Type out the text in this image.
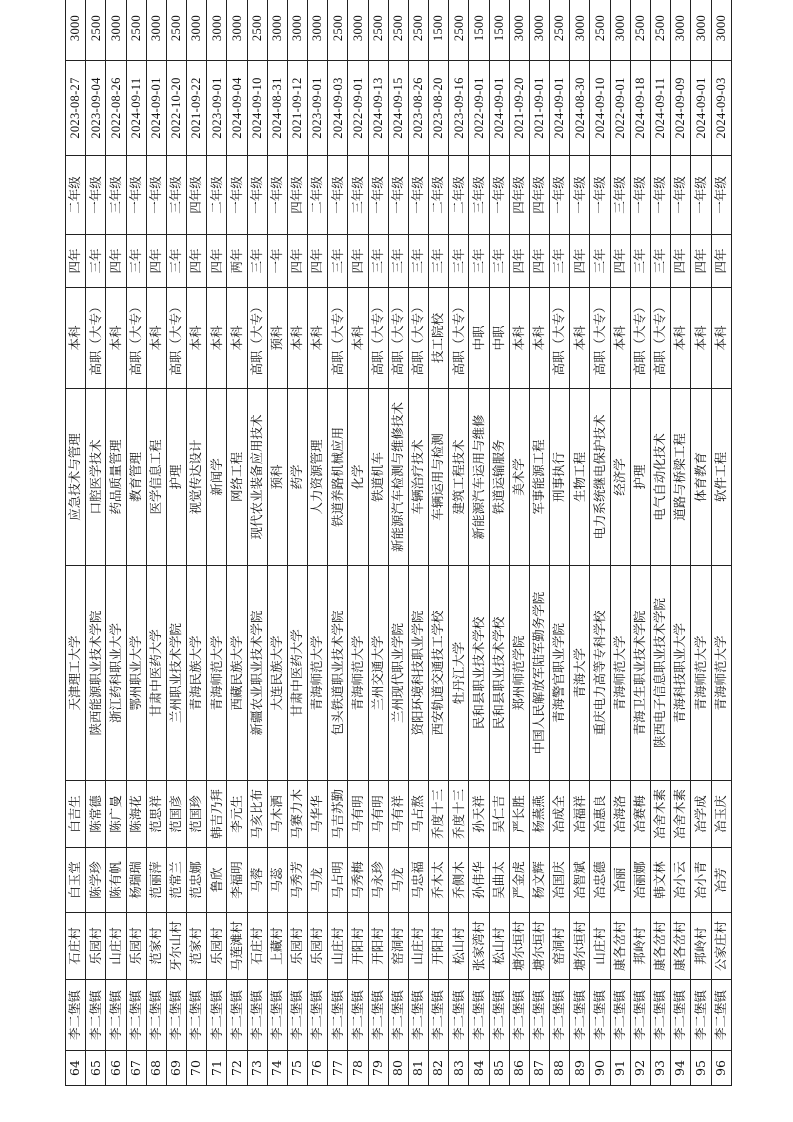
64	李二堡镇	石庄村	白玉堂	白吉生	天津理工大学	应急技术与管理	本科	四年	二年级	2023-08-27	3000
65	李二堡镇	乐园村	陈学珍	陈常德	陕西能源职业技术学院	口腔医学技术	高职（大专）	三年	一年级	2023-09-04	2500
66	李二堡镇	山庄村	陈有帆	陈广曼	浙江药科职业大学	药品质量管理	本科	四年	三年级	2022-08-26	3000
67	李二堡镇	乐园村	杨瑞瑞	陈海花	鄂州职业大学	教育管理	高职（大专）	三年	一年级	2024-09-11	2500
68	李二堡镇	范家村	范丽萍	范思祥	甘肃中医药大学	医学信息工程	本科	四年	一年级	2024-09-01	3000
69	李二堡镇	牙尔山村	范常兰	范国彦	兰州职业技术学院	护理	高职（大专）	三年	三年级	2022-10-20	2500
70	李二堡镇	范家村	范忠娜	范国珍	青海民族大学	视觉传达设计	本科	四年	四年级	2021-09-22	3000
71	李二堡镇	乐园村	鲁欣	韩吉乃拜	青海师范大学	新闻学	本科	四年	二年级	2023-09-01	3000
72	李二堡镇	马莲滩村	李福明	李元生	西藏民族大学	网络工程	本科	两年	一年级	2024-09-04	3000
73	李二堡镇	石庄村	马蓉	马亥比布	新疆农业职业技术学院	现代农业装备应用技术	高职（大专）	三年	一年级	2024-09-10	2500
74	李二堡镇	上藏村	马蕊	马木洒	大连民族大学	预科	预科	一年	一年级	2024-08-31	3000
75	李二堡镇	乐园村	马秀芳	马赛力木	甘肃中医药大学	药学	本科	四年	四年级	2021-09-12	3000
76	李二堡镇	乐园村	马龙	马华华	青海师范大学	人力资源管理	本科	四年	二年级	2023-09-01	3000
77	李二堡镇	山庄村	马占明	马吉苏勤	包头铁道职业技术学院	铁道养路机械应用	高职（大专）	三年	一年级	2024-09-03	2500
78	李二堡镇	开阳村	马秀梅	马有明	青海师范大学	化学	本科	四年	三年级	2022-09-01	3000
79	李二堡镇	开阳村	马永珍	马有明	兰州交通大学	铁道机车	高职（大专）	三年	一年级	2024-09-13	2500
80	李二堡镇	窑洞村	马龙	马有祥	兰州现代职业学院	新能源汽车检测与维修技术	高职（大专）	三年	一年级	2024-09-15	2500
81	李二堡镇	山庄村	马忠福	马占熬	资阳环境科技职业学院	车辆治疗技术	高职（大专）	三年	一年级	2023-08-26	2500
82	李二堡镇	开阳村	乔木太	乔度十三	西安轨道交通技工学校	车辆运用与检测	技工院校	三年	二年级	2023-08-20	1500
83	李二堡镇	松山村	乔侧木	乔度十三	牡丹江大学	建筑工程技术	高职（大专）	三年	二年级	2023-09-16	2500
84	李二堡镇	张家湾村	孙伟华	孙天祥	民和县职业技术学校	新能源汽车运用与维修	中职	三年	三年级	2022-09-01	1500
85	李二堡镇	松山村	吴曲太	吴仁吉	民和县职业技术学校	铁道运输服务	中职	三年	一年级	2024-09-01	1500
86	李二堡镇	塘尔垣村	严金虎	严长胜	郑州师范学院	美术学	本科	四年	四年级	2021-09-20	3000
87	李二堡镇	塘尔垣村	杨文辉	杨燕燕	中国人民解放军陆军勤务学院	军事能源工程	本科	四年	四年级	2021-09-01	3000
88	李二堡镇	窑洞村	冶国庆	冶成全	青海警官职业学院	刑事执行	高职（大专）	三年	一年级	2024-09-01	2500
89	李二堡镇	塘尔垣村	冶智斌	冶福祥	青海大学	生物工程	本科	四年	一年级	2024-08-30	3000
90	李二堡镇	山庄村	冶忠德	冶惠良	重庆电力高等专科学校	电力系统继电保护技术	高职（大专）	三年	一年级	2024-09-10	2500
91	李二堡镇	康各岔村	冶丽	冶海洛	青海师范大学	经济学	本科	四年	三年级	2022-09-01	3000
92	李二堡镇	邦岭村	冶丽娜	冶赛梅	青海卫生职业技术学院	护理	高职（大专）	三年	一年级	2024-09-18	2500
93	李二堡镇	康各岔村	韩文林	冶舍木素	陕西电子信息职业技术学院	电气自动化技术	高职（大专）	三年	一年级	2024-09-11	2500
94	李二堡镇	康各岔村	冶小云	冶舍木素	青海科技职业大学	道路与桥梁工程	本科	四年	一年级	2024-09-09	3000
95	李二堡镇	邦岭村	冶小青	冶学成	青海师范大学	体育教育	本科	四年	一年级	2024-09-01	3000
96	李二堡镇	公家庄村	冶芳	冶玉庆	青海师范大学	软件工程	本科	四年	一年级	2024-09-03	3000
